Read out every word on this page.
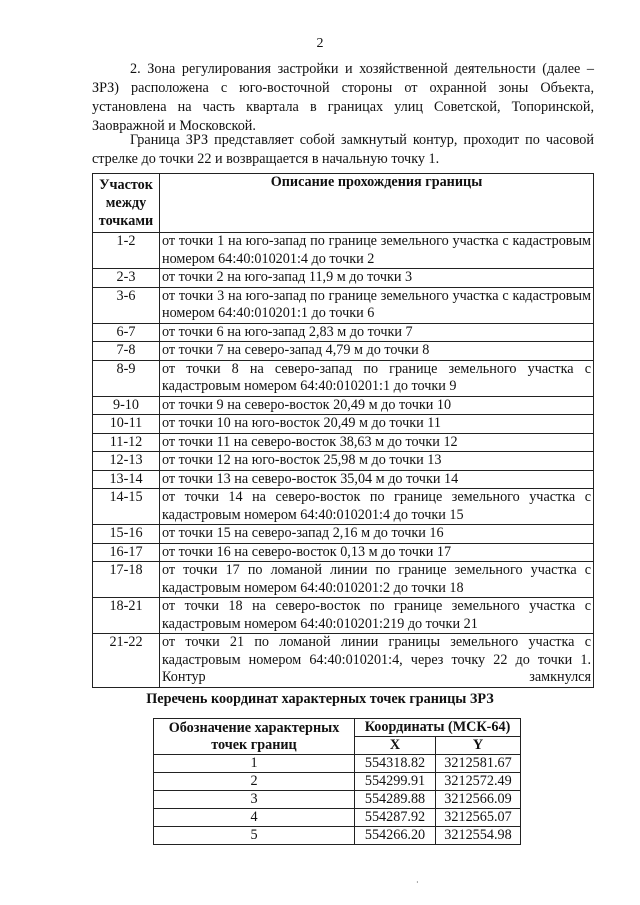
2

2. Зона регулирования застройки и хозяйственной деятельности (далее – ЗРЗ) расположена с юго-восточной стороны от охранной зоны Объекта, установлена на часть квартала в границах улиц Советской, Топоринской, Заовражной и Московской.

Граница ЗРЗ представляет собой замкнутый контур, проходит по часовой стрелке до точки 22 и возвращается в начальную точку 1.

Участок между точками	Описание прохождения границы
1-2	от точки 1 на юго-запад по границе земельного участка с кадастровым номером 64:40:010201:4 до точки 2
2-3	от точки 2 на юго-запад 11,9 м до точки 3
3-6	от точки 3 на юго-запад по границе земельного участка с кадастровым номером 64:40:010201:1 до точки 6
6-7	от точки 6 на юго-запад 2,83 м до точки 7
7-8	от точки 7 на северо-запад 4,79 м до точки 8
8-9	от точки 8 на северо-запад по границе земельного участка с кадастровым номером 64:40:010201:1 до точки 9
9-10	от точки 9 на северо-восток 20,49 м до точки 10
10-11	от точки 10 на юго-восток 20,49 м до точки 11
11-12	от точки 11 на северо-восток 38,63 м до точки 12
12-13	от точки 12 на юго-восток 25,98 м до точки 13
13-14	от точки 13 на северо-восток 35,04 м до точки 14
14-15	от точки 14 на северо-восток по границе земельного участка с кадастровым номером 64:40:010201:4 до точки 15
15-16	от точки 15 на северо-запад 2,16 м до точки 16
16-17	от точки 16 на северо-восток 0,13 м до точки 17
17-18	от точки 17 по ломаной линии по границе земельного участка с кадастровым номером 64:40:010201:2 до точки 18
18-21	от точки 18 на северо-восток по границе земельного участка с кадастровым номером 64:40:010201:219 до точки 21
21-22	от точки 21 по ломаной линии границы земельного участка с кадастровым номером 64:40:010201:4, через точку 22 до точки 1. Контур замкнулся
Перечень координат характерных точек границы ЗРЗ
Обозначение характерных точек границ	Координаты (МСК-64)	
	X	Y
1	554318.82	3212581.67
2	554299.91	3212572.49
3	554289.88	3212566.09
4	554287.92	3212565.07
5	554266.20	3212554.98
·
